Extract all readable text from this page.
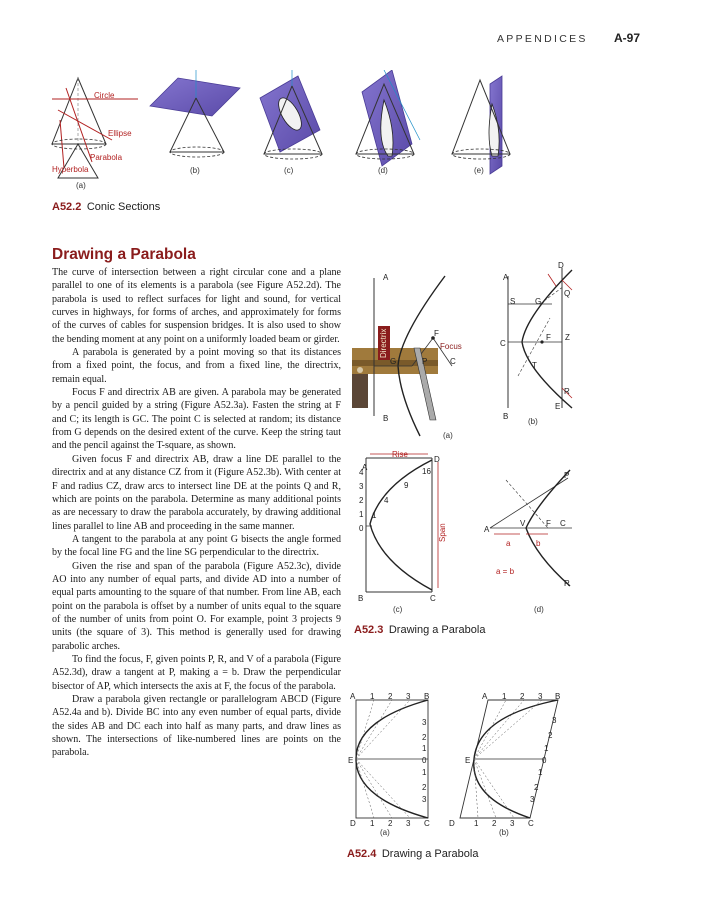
APPENDICES A-97
Circle
Ellipse
Parabola
Hyperbola
(a)
(b)	(c)	(d)	(e)
A52.2 Conic Sections
Drawing a Parabola

The curve of intersection between a right circular cone and a plane parallel to one of its elements is a parabola (see Figure A52.2d). The parabola is used to reflect surfaces for light and sound, for vertical curves in highways, for forms of arches, and approximately for forms of the curves of cables for suspension bridges. It is also used to show the bending moment at any point on a uniformly loaded beam or girder.

A parabola is generated by a point moving so that its distances from a fixed point, the focus, and from a fixed line, the directrix, remain equal.

Focus F and directrix AB are given. A parabola may be generated by a pencil guided by a string (Figure A52.3a). Fasten the string at F and C; its length is GC. The point C is selected at random; its distance from G depends on the desired extent of the curve. Keep the string taut and the pencil against the T-square, as shown.

Given focus F and directrix AB, draw a line DE parallel to the directrix and at any distance CZ from it (Figure A52.3b). With center at F and radius CZ, draw arcs to intersect line DE at the points Q and R, which are points on the parabola. Determine as many additional points as are necessary to draw the parabola accurately, by drawing additional lines parallel to line AB and proceeding in the same manner.

A tangent to the parabola at any point G bisects the angle formed by the focal line FG and the line SG perpendicular to the directrix.

Given the rise and span of the parabola (Figure A52.3c), divide AO into any number of equal parts, and divide AD into a number of equal parts amounting to the square of that number. From line AB, each point on the parabola is offset by a number of units equal to the square of the number of units from point O. For example, point 3 projects 9 units (the square of 3). This method is generally used for drawing parabolic arches.

To find the focus, F, given points P, R, and V of a parabola (Figure A52.3d), draw a tangent at P, making a = b. Draw the perpendicular bisector of AP, which intersects the axis at F, the focus of the parabola.

Draw a parabola given rectangle or parallelogram ABCD (Figure A52.4a and b). Divide BC into any even number of equal parts, divide the sides AB and DC each into half as many parts, and draw lines as shown. The intersections of like-numbered lines are points on the parabola.

A
B
G	P	C
F
Directrix	Focus
(a)
D
A
S G
Q
C
F Z
T
R
B
E
(b)
Rise
Span
A
D
B	C
4
3
2
1
0
16
9
4
1
(c)
P
A
V	F C
R
a	b
a = b
(d)
A52.3 Drawing a Parabola
A 1 2 3 B
D 1 2 3 C
E
3
2
1
0
1
2
3
(a)
A 1 2 3 B
D 1 2 3 C
E
3
2
1
0
1
2
3
(b)
A52.4 Drawing a Parabola
